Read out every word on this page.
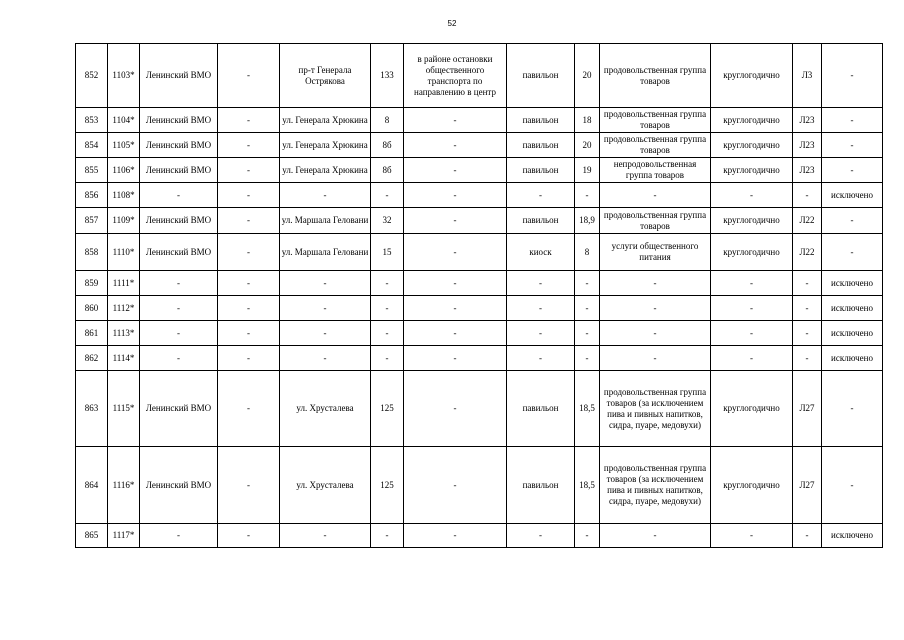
52
852	1103*	Ленинский ВМО	-	пр-т Генерала Острякова	133	в районе остановки общественного транспорта по направлению в центр	павильон	20	продовольственная группа товаров	круглогодично	Л3	-
853	1104*	Ленинский ВМО	-	ул. Генерала Хрюкина	8	-	павильон	18	продовольственная группа товаров	круглогодично	Л23	-
854	1105*	Ленинский ВМО	-	ул. Генерала Хрюкина	8б	-	павильон	20	продовольственная группа товаров	круглогодично	Л23	-
855	1106*	Ленинский ВМО	-	ул. Генерала Хрюкина	8б	-	павильон	19	непродовольственная группа товаров	круглогодично	Л23	-
856	1108*	-	-	-	-	-	-	-	-	-	-	исключено
857	1109*	Ленинский ВМО	-	ул. Маршала Геловани	32	-	павильон	18,9	продовольственная группа товаров	круглогодично	Л22	-
858	1110*	Ленинский ВМО	-	ул. Маршала Геловани	15	-	киоск	8	услуги общественного питания	круглогодично	Л22	-
859	1111*	-	-	-	-	-	-	-	-	-	-	исключено
860	1112*	-	-	-	-	-	-	-	-	-	-	исключено
861	1113*	-	-	-	-	-	-	-	-	-	-	исключено
862	1114*	-	-	-	-	-	-	-	-	-	-	исключено
863	1115*	Ленинский ВМО	-	ул. Хрусталева	125	-	павильон	18,5	продовольственная группа товаров (за исключением пива и пивных напитков, сидра, пуаре, медовухи)	круглогодично	Л27	-
864	1116*	Ленинский ВМО	-	ул. Хрусталева	125	-	павильон	18,5	продовольственная группа товаров (за исключением пива и пивных напитков, сидра, пуаре, медовухи)	круглогодично	Л27	-
865	1117*	-	-	-	-	-	-	-	-	-	-	исключено
